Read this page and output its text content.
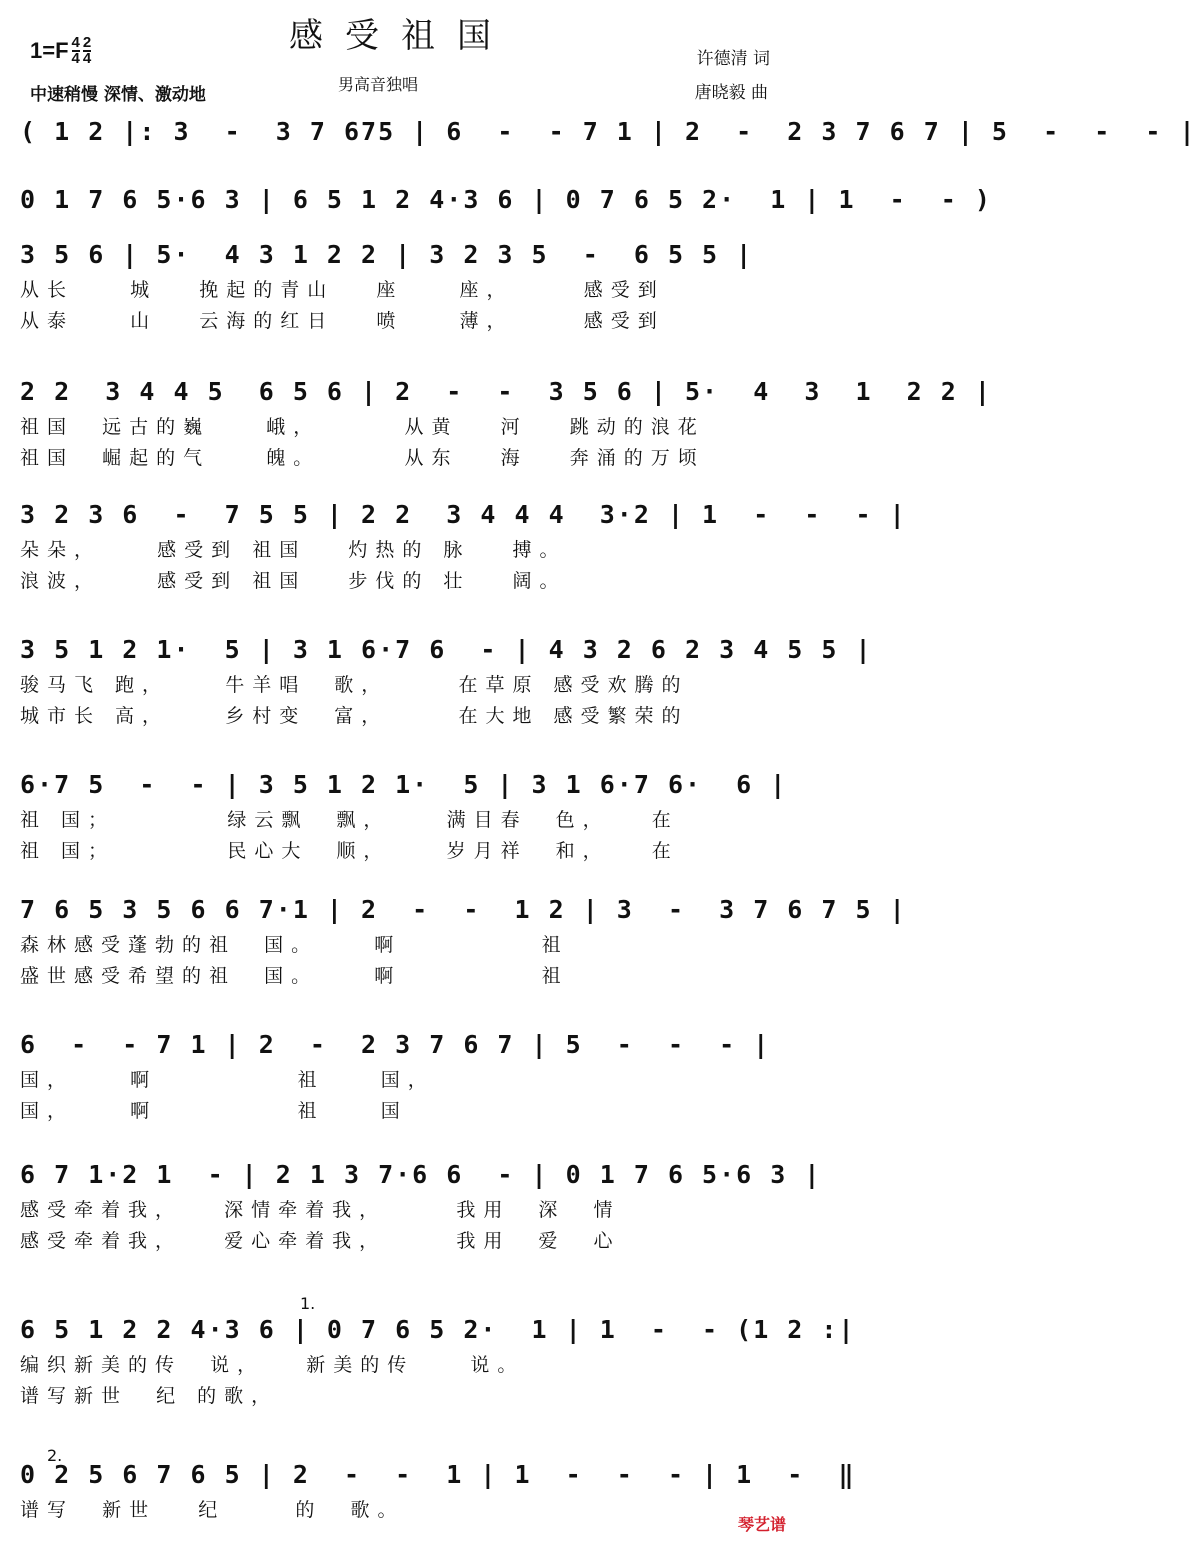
感受祖国
$1=F \frac{4}{4} \frac{2}{4}$
中速稍慢 深情、激动地
男高音独唱
许德清 词
唐晓毅 曲
( 1 2 |: 3  -  3 7 675 | 6  -  - 7 1 | 2  -  2 3 7 6 7 | 5  -  -  - |
0 1 7 6 5·6 3 | 6 5 1 2 4·3 6 | 0 7 6 5 2·  1 | 1  -  - )
3 5 6 | 5·  4 3 1 2 2 | 3 2 3 5  -  6 5 5 |
从长    城   挽起的青山   座    座，     感受到
从泰    山   云海的红日   喷    薄，     感受到
2 2  3 4 4 5  6 5 6 | 2  -  -  3 5 6 | 5·  4  3  1  2 2 |
祖国  远古的巍    峨，      从黄   河   跳动的浪花
祖国  崛起的气    魄。      从东   海   奔涌的万顷
3 2 3 6  -  7 5 5 | 2 2  3 4 4 4  3·2 | 1  -  -  - |
朵朵，    感受到 祖国   灼热的 脉   搏。
浪波，    感受到 祖国   步伐的 壮   阔。
3 5 1 2 1·  5 | 3 1 6·7 6  - | 4 3 2 6 2 3 4 5 5 |
骏马飞 跑，    牛羊唱  歌，     在草原 感受欢腾的
城市长 高，    乡村变  富，     在大地 感受繁荣的
6·7 5  -  - | 3 5 1 2 1·  5 | 3 1 6·7 6·  6 |
祖 国；        绿云飘  飘，    满目春  色，   在
祖 国；        民心大  顺，    岁月祥  和，   在
7 6 5 3 5 6 6 7·1 | 2  -  -  1 2 | 3  -  3 7 6 7 5 |
森林感受蓬勃的祖  国。    啊          祖
盛世感受希望的祖  国。    啊          祖
6  -  - 7 1 | 2  -  2 3 7 6 7 | 5  -  -  - |
国，    啊          祖    国，
国，    啊          祖    国
6 7 1·2 1  - | 2 1 3 7·6 6  - | 0 1 7 6 5·6 3 |
感受牵着我，   深情牵着我，     我用  深  情
感受牵着我，   爱心牵着我，     我用  爱  心
6 5 1 2 2 4·3 6 | 0 7 6 5 2·  1 | 1  -  - (1 2 :|
编织新美的传  说，   新美的传    说。
谱写新世  纪 的歌，
0 2 5 6 7 6 5 | 2  -  -  1 | 1  -  -  - | 1  -  ‖
谱写  新世   纪     的  歌。
1.
2.
琴艺谱
